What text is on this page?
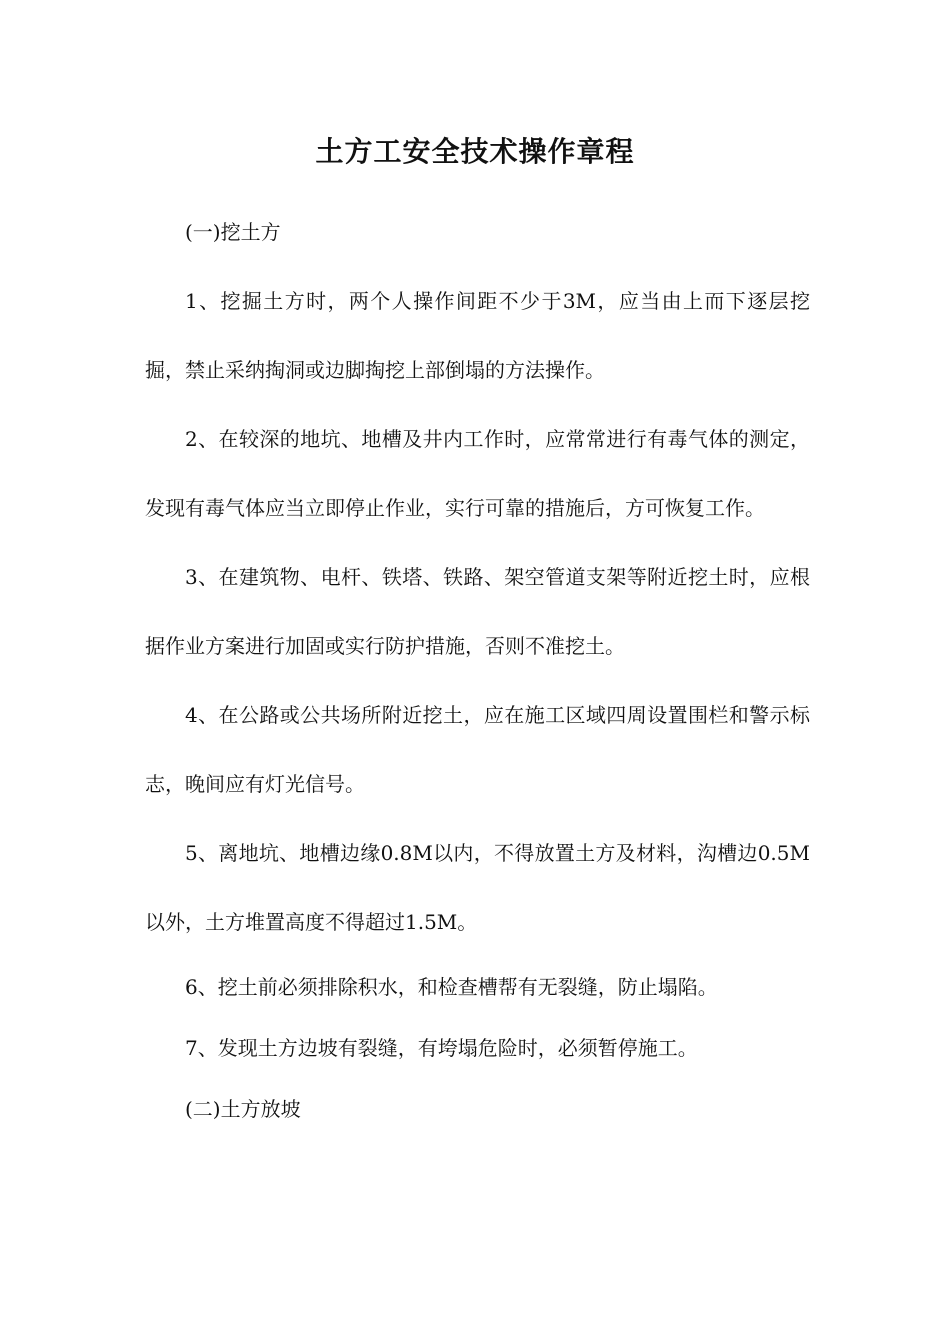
土方工安全技术操作章程

(一)挖土方

1、挖掘土方时，两个人操作间距不少于3M，应当由上而下逐层挖掘，禁止采纳掏洞或边脚掏挖上部倒塌的方法操作。

2、在较深的地坑、地槽及井内工作时，应常常进行有毒气体的测定，发现有毒气体应当立即停止作业，实行可靠的措施后，方可恢复工作。

3、在建筑物、电杆、铁塔、铁路、架空管道支架等附近挖土时，应根据作业方案进行加固或实行防护措施，否则不准挖土。

4、在公路或公共场所附近挖土，应在施工区域四周设置围栏和警示标志，晚间应有灯光信号。

5、离地坑、地槽边缘0.8M以内，不得放置土方及材料，沟槽边0.5M以外，土方堆置高度不得超过1.5M。

6、挖土前必须排除积水，和检查槽帮有无裂缝，防止塌陷。

7、发现土方边坡有裂缝，有垮塌危险时，必须暂停施工。

(二)土方放坡
